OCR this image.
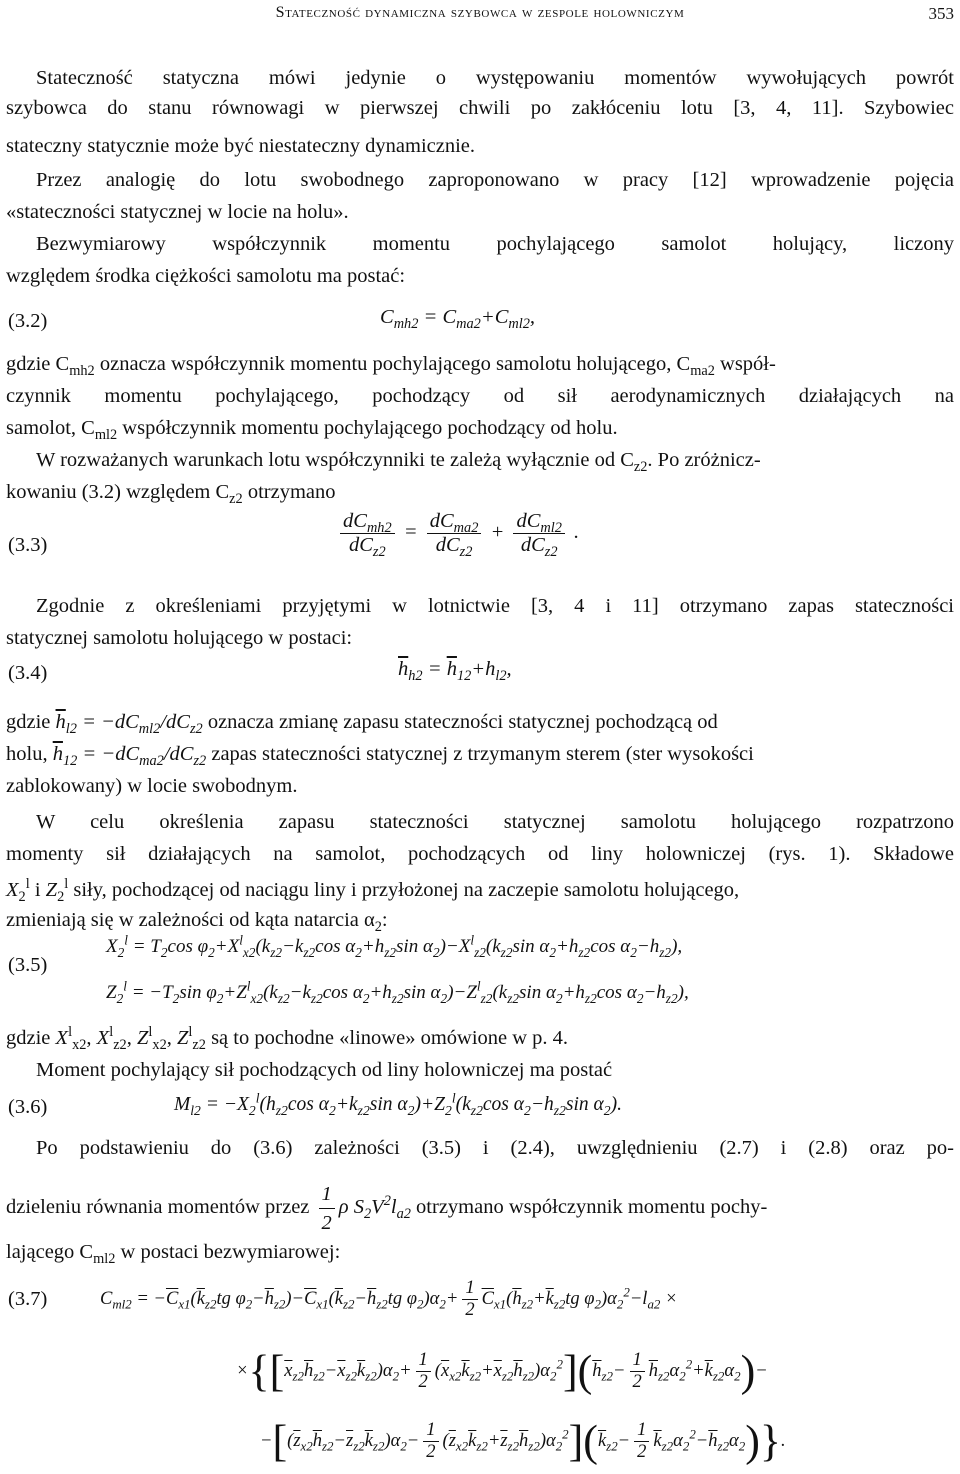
Stateczność dynamiczna szybowca w zespole holowniczym	353
Stateczność statyczna mówi jedynie o występowaniu momentów wywołujących powrót
szybowca do stanu równowagi w pierwszej chwili po zakłóceniu lotu [3, 4, 11]. Szybowiec
stateczny statycznie może być niestateczny dynamicznie.
Przez analogię do lotu swobodnego zaproponowano w pracy [12] wprowadzenie pojęcia
«stateczności statycznej w locie na holu».
Bezwymiarowy współczynnik momentu pochylającego samolot holujący, liczony
względem środka ciężkości samolotu ma postać:
(3.2)	$C_{mh2} = C_{ma2}+C_{ml2}$,
gdzie $C_{mh2}$ oznacza współczynnik momentu pochylającego samolotu holującego, $C_{ma2}$ współ-
czynnik momentu pochylającego, pochodzący od sił aerodynamicznych działających na
samolot, $C_{ml2}$ współczynnik momentu pochylającego pochodzący od holu.
W rozważanych warunkach lotu współczynniki te zależą wyłącznie od $C_{z2}$. Po zróżnicz-
kowaniu (3.2) względem $C_{z2}$ otrzymano
(3.3)	$\frac{dC_{mh2}}{dC_{z2}} = \frac{dC_{ma2}}{dC_{z2}} + \frac{dC_{ml2}}{dC_{z2}}$ .
Zgodnie z określeniami przyjętymi w lotnictwie [3, 4 i 11] otrzymano zapas stateczności
statycznej samolotu holującego w postaci:
(3.4)	$\overline{h}_{h2} = \overline{h}_{12}+h_{l2}$,
gdzie $\overline{h}_{l2} = -dC_{ml2}/dC_{z2}$ oznacza zmianę zapasu stateczności statycznej pochodzącą od
holu, $\overline{h}_{12} = -dC_{ma2}/dC_{z2}$ zapas stateczności statycznej z trzymanym sterem (ster wysokości
zablokowany) w locie swobodnym.
W celu określenia zapasu stateczności statycznej samolotu holującego rozpatrzono
momenty sił działających na samolot, pochodzących od liny holowniczej (rys. 1). Składowe
$X_2^l$ i $Z_2^l$ siły, pochodzącej od naciągu liny i przyłożonej na zaczepie samolotu holującego,
zmieniają się w zależności od kąta natarcia $\alpha_2$:
(3.5)
$X_2^l = T_2\cos$ $\varphi_2+X^l_{x2}(k_{z2}-k_{z2}\cos$ $\alpha_2+h_{z2}\sin$ $\alpha_2)-X^l_{z2}(k_{z2}\sin$ $\alpha_2+h_{z2}\cos$ $\alpha_2-h_{z2}$),
$Z_2^l = -T_2\sin$ $\varphi_2+Z^l_{x2}(k_{z2}-k_{z2}\cos$ $\alpha_2+h_{z2}\sin$ $\alpha_2)-Z^l_{z2}(k_{z2}\sin$ $\alpha_2+h_{z2}\cos$ $\alpha_2-h_{z2}$),
gdzie $X^l_{x2}$, $X^l_{z2}$, $Z^l_{x2}$, $Z^l_{z2}$ są to pochodne «linowe» omówione w p. 4.
Moment pochylający sił pochodzących od liny holowniczej ma postać
(3.6)	$M_{l2} = -X_2^l(h_{z2}\cos$ $\alpha_2+k_{z2}\sin$ $\alpha_2)+Z_2^l(k_{z2}\cos$ $\alpha_2-h_{z2}\sin$ $\alpha_2$).
Po podstawieniu do (3.6) zależności (3.5) i (2.4), uwzględnieniu (2.7) i (2.8) oraz po-
dzieleniu równania momentów przez $\frac{1}{2}$ ρ $S_2V^2l_{a2}$ otrzymano współczynnik momentu pochy-
lającego $C_{ml2}$ w postaci bezwymiarowej:
(3.7)	$C_{ml2} = -\overline{C}_{x1}(\overline{k}_{z2}tg$ $\varphi_2-\overline{h}_{z2})-\overline{C}_{x1}(\overline{k}_{z2}-\overline{h}_{z2}tg$ $\varphi_2)\alpha_2+ \frac{1}{2} \overline{C}_{x1}(\overline{h}_{z2}+\overline{k}_{z2}tg$ $\varphi_2)\alpha_2^2-l_{a2}$ ×
$\times\{[\overline{x}_{z2}\overline{h}_{z2}-\overline{x}_{z2}\overline{k}_{z2})\alpha_2+ \frac{1}{2} (\overline{x}_{x2}\overline{k}_{z2}+\overline{x}_{z2}\overline{h}_{z2})\alpha_2^2](\overline{h}_{z2}- \frac{1}{2} \overline{h}_{z2}\alpha_2^2+\overline{k}_{z2}\alpha_2)-$
$-[(\overline{z}_{x2}\overline{h}_{z2}-\overline{z}_{z2}\overline{k}_{z2})\alpha_2- \frac{1}{2} (\overline{z}_{x2}\overline{k}_{z2}+\overline{z}_{z2}\overline{h}_{z2})\alpha_2^2](\overline{k}_{z2}- \frac{1}{2} \overline{k}_{z2}\alpha_2^2-\overline{h}_{z2}\alpha_2)$}.
